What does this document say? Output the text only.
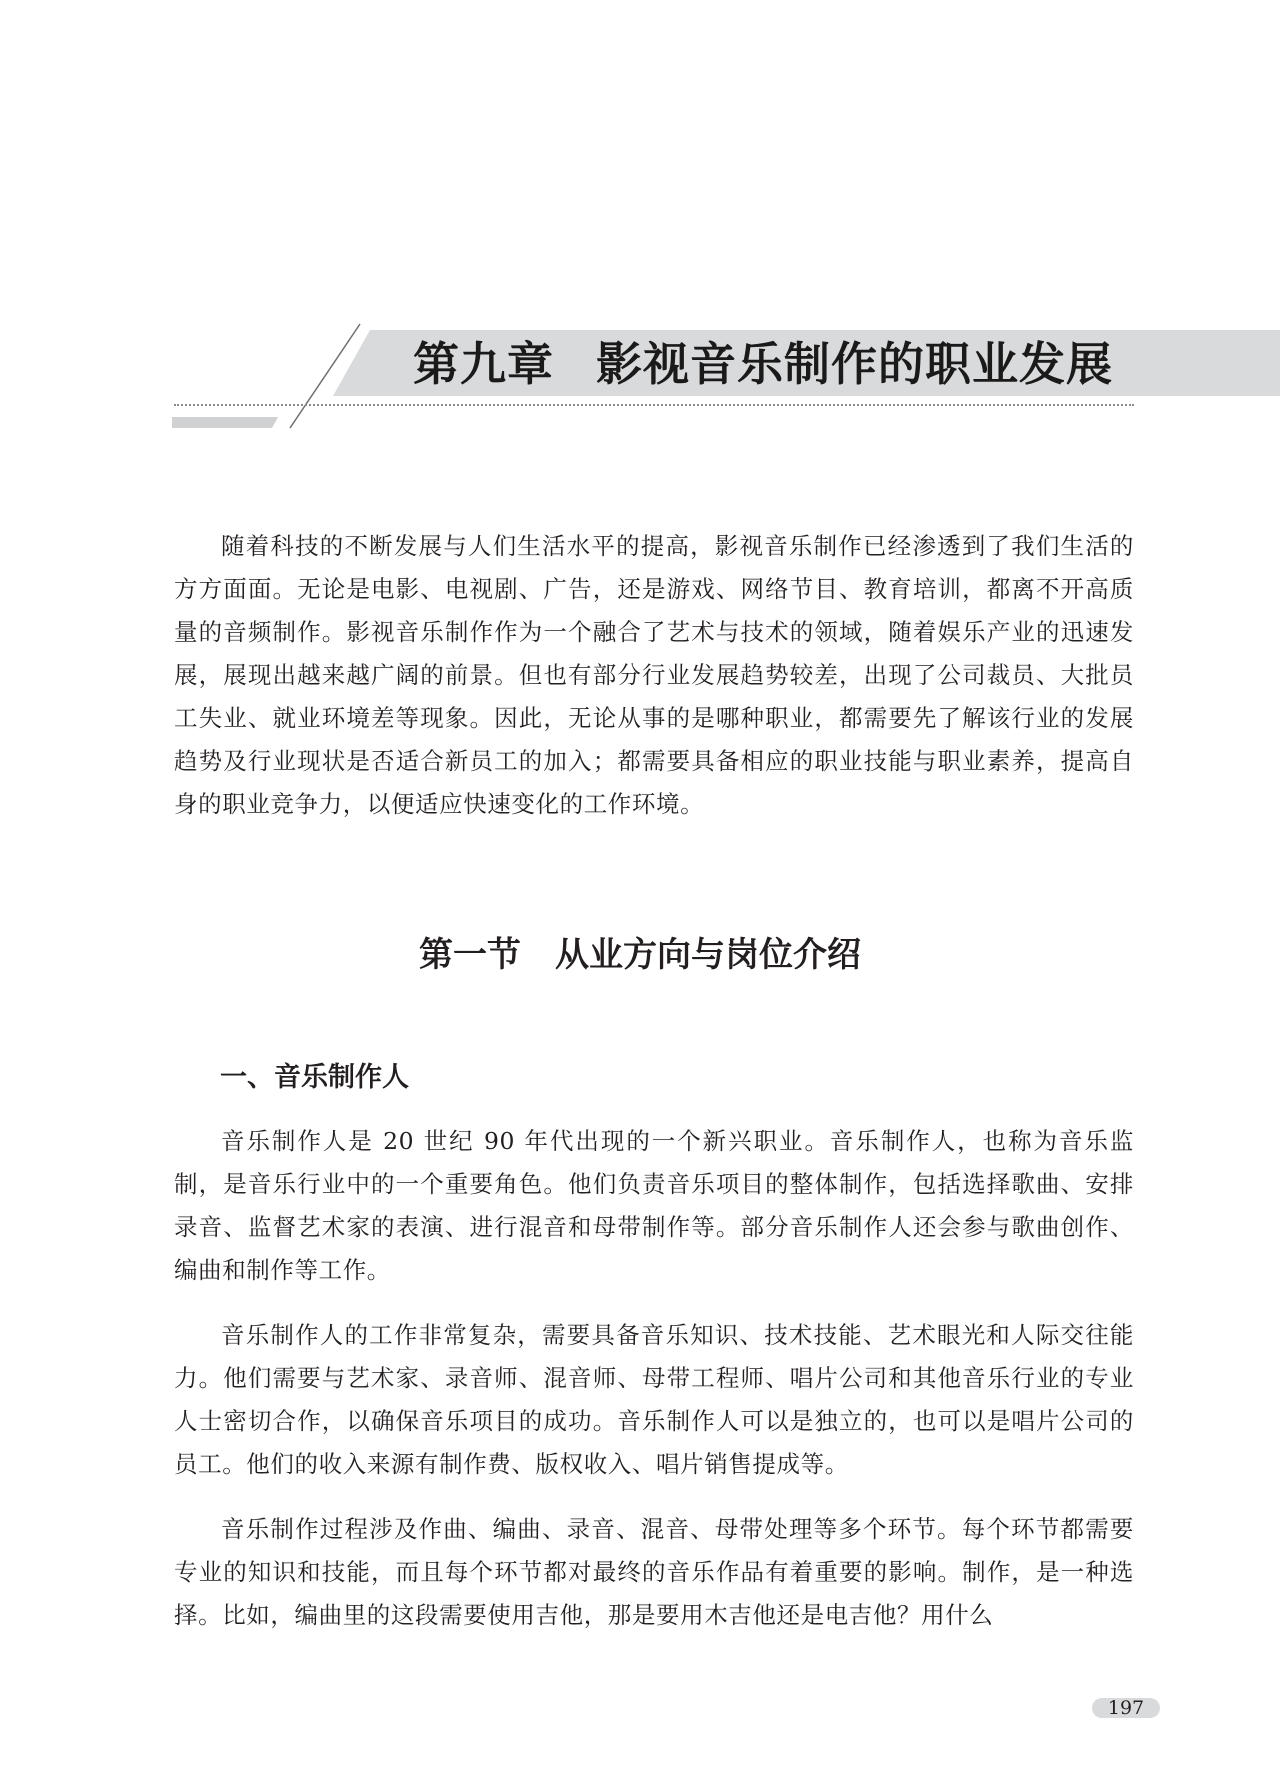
第九章 影视音乐制作的职业发展

随着科技的不断发展与人们生活水平的提高，影视音乐制作已经渗透到了我们生活的方方面面。无论是电影、电视剧、广告，还是游戏、网络节目、教育培训，都离不开高质量的音频制作。影视音乐制作作为一个融合了艺术与技术的领域，随着娱乐产业的迅速发展，展现出越来越广阔的前景。但也有部分行业发展趋势较差，出现了公司裁员、大批员工失业、就业环境差等现象。因此，无论从事的是哪种职业，都需要先了解该行业的发展趋势及行业现状是否适合新员工的加入；都需要具备相应的职业技能与职业素养，提高自身的职业竞争力，以便适应快速变化的工作环境。

第一节 从业方向与岗位介绍
一、音乐制作人

音乐制作人是 20 世纪 90 年代出现的一个新兴职业。音乐制作人，也称为音乐监制，是音乐行业中的一个重要角色。他们负责音乐项目的整体制作，包括选择歌曲、安排录音、监督艺术家的表演、进行混音和母带制作等。部分音乐制作人还会参与歌曲创作、编曲和制作等工作。

音乐制作人的工作非常复杂，需要具备音乐知识、技术技能、艺术眼光和人际交往能力。他们需要与艺术家、录音师、混音师、母带工程师、唱片公司和其他音乐行业的专业人士密切合作，以确保音乐项目的成功。音乐制作人可以是独立的，也可以是唱片公司的员工。他们的收入来源有制作费、版权收入、唱片销售提成等。

音乐制作过程涉及作曲、编曲、录音、混音、母带处理等多个环节。每个环节都需要专业的知识和技能，而且每个环节都对最终的音乐作品有着重要的影响。制作，是一种选择。比如，编曲里的这段需要使用吉他，那是要用木吉他还是电吉他？用什么

197
